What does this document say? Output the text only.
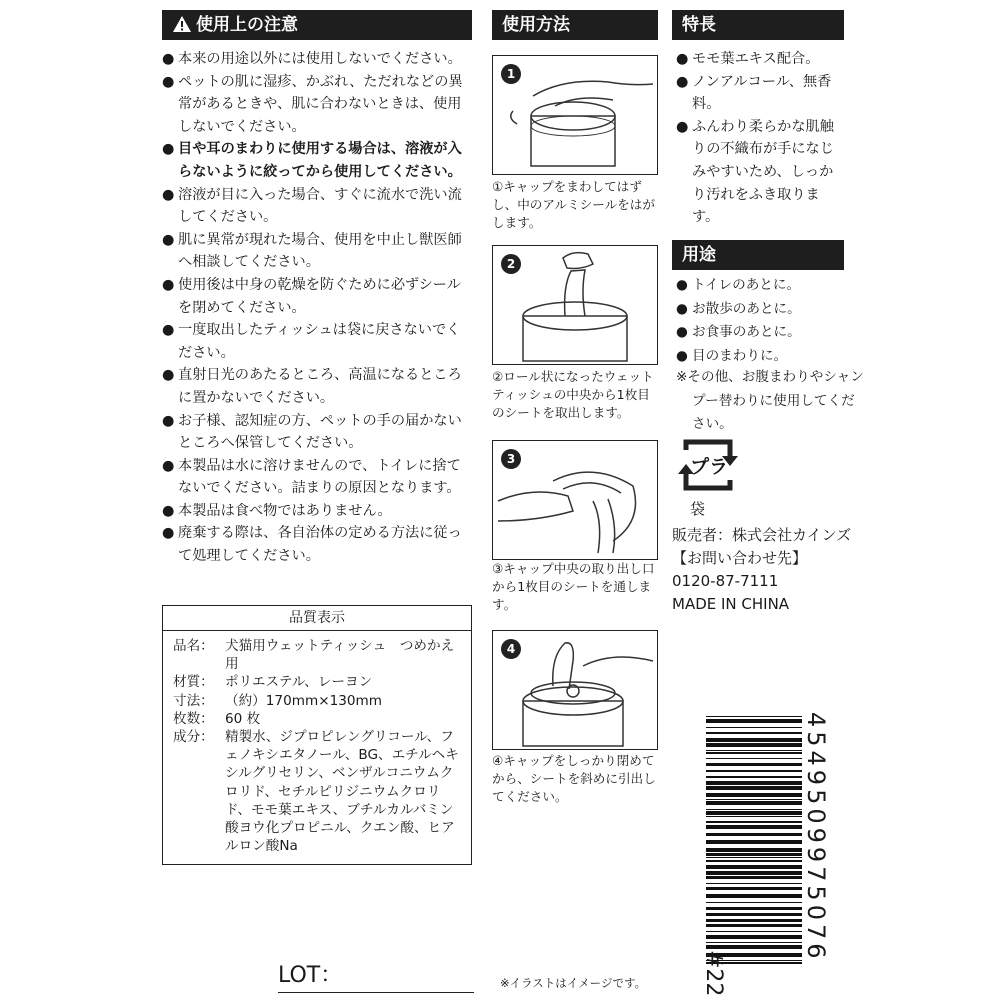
使用上の注意
● 本来の用途以外には使用しないでください。
● ペットの肌に湿疹、かぶれ、ただれなどの異常があるときや、肌に合わないときは、使用しないでください。
● 目や耳のまわりに使用する場合は、溶液が入らないように絞ってから使用してください。
● 溶液が目に入った場合、すぐに流水で洗い流してください。
● 肌に異常が現れた場合、使用を中止し獣医師へ相談してください。
● 使用後は中身の乾燥を防ぐために必ずシールを閉めてください。
● 一度取出したティッシュは袋に戻さないでください。
● 直射日光のあたるところ、高温になるところに置かないでください。
● お子様、認知症の方、ペットの手の届かないところへ保管してください。
● 本製品は水に溶けませんので、トイレに捨てないでください。詰まりの原因となります。
● 本製品は食べ物ではありません。
● 廃棄する際は、各自治体の定める方法に従って処理してください。
品質表示
品名： 犬猫用ウェットティッシュ　つめかえ用
材質： ポリエステル、レーヨン
寸法： （約）170mm×130mm
枚数： 60 枚
成分： 精製水、ジプロピレングリコール、フェノキシエタノール、BG、エチルヘキシルグリセリン、ベンザルコニウムクロリド、セチルピリジニウムクロリド、モモ葉エキス、ブチルカルバミン酸ヨウ化プロピニル、クエン酸、ヒアルロン酸Na
LOT：
使用方法
1
①キャップをまわしてはずし、中のアルミシールをはがします。
2
②ロール状になったウェットティッシュの中央から1枚目のシートを取出します。
3
③キャップ中央の取り出し口から1枚目のシートを通します。
4
④キャップをしっかり閉めてから、シートを斜めに引出してください。
※イラストはイメージです。
特長
● モモ葉エキス配合。
● ノンアルコール、無香料。
● ふんわり柔らかな肌触りの不織布が手になじみやすいため、しっかり汚れをふき取ります。
用途
● トイレのあとに。
● お散歩のあとに。
● お食事のあとに。
● 目のまわりに。
※その他、お腹まわりやシャンプー替わりに使用してください。
プラ
袋
販売者：株式会社カインズ
【お問い合わせ先】
0120-87-7111
MADE IN CHINA
4549509975076
#22
